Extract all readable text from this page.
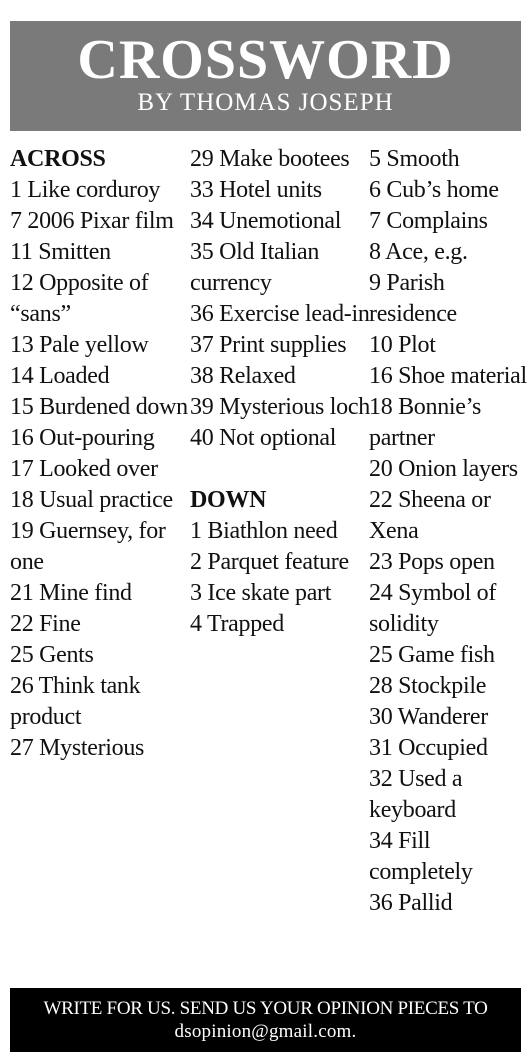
CROSSWORD
BY THOMAS JOSEPH
ACROSS
1 Like corduroy
7 2006 Pixar film
11 Smitten
12 Opposite of “sans”
13 Pale yellow
14 Loaded
15 Burdened down
16 Out-pouring
17 Looked over
18 Usual practice
19 Guernsey, for one
21 Mine find
22 Fine
25 Gents
26 Think tank product
27 Mysterious
29 Make bootees
33 Hotel units
34 Unemotional
35 Old Italian currency
36 Exercise lead-in
37 Print supplies
38 Relaxed
39 Mysterious loch
40 Not optional
DOWN
1 Biathlon need
2 Parquet feature
3 Ice skate part
4 Trapped
5 Smooth
6 Cub’s home
7 Complains
8 Ace, e.g.
9 Parish residence
10 Plot
16 Shoe material
18 Bonnie’s partner
20 Onion layers
22 Sheena or Xena
23 Pops open
24 Symbol of solidity
25 Game fish
28 Stockpile
30 Wanderer
31 Occupied
32 Used a keyboard
34 Fill completely
36 Pallid
WRITE FOR US. SEND US YOUR OPINION PIECES TO
dsopinion@gmail.com.
